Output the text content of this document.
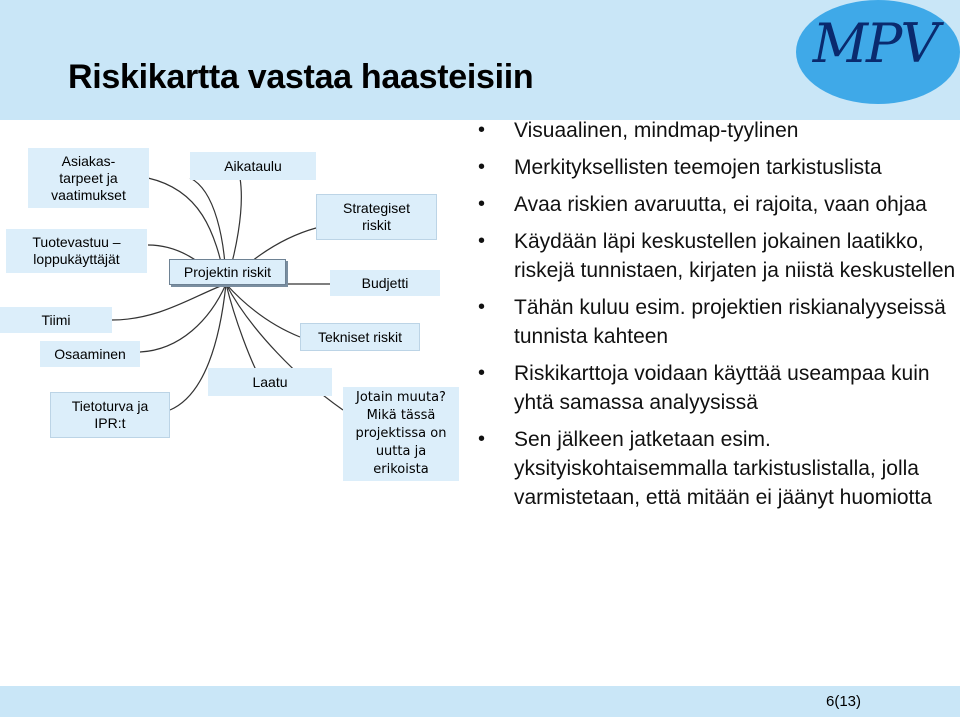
MPV
Riskikartta vastaa haasteisiin
Asiakas-
tarpeet ja
vaatimukset
Tuotevastuu –
loppukäyttäjät
Tiimi
Osaaminen
Tietoturva ja
IPR:t
Aikataulu
Projektin riskit
Laatu
Strategiset
riskit
Budjetti
Tekniset riskit
Jotain muuta?
Mikä tässä
projektissa on
uutta ja
erikoista
• Visuaalinen, mindmap-tyylinen
• Merkityksellisten teemojen tarkistuslista
• Avaa riskien avaruutta, ei rajoita, vaan ohjaa
• Käydään läpi keskustellen jokainen laatikko, riskejä tunnistaen, kirjaten ja niistä keskustellen
• Tähän kuluu esim. projektien riskianalyyseissä tunnista kahteen
• Riskikarttoja voidaan käyttää useampaa kuin yhtä samassa analyysissä
• Sen jälkeen jatketaan esim. yksityiskohtaisemmalla tarkistuslistalla, jolla varmistetaan, että mitään ei jäänyt huomiotta
6(13)
